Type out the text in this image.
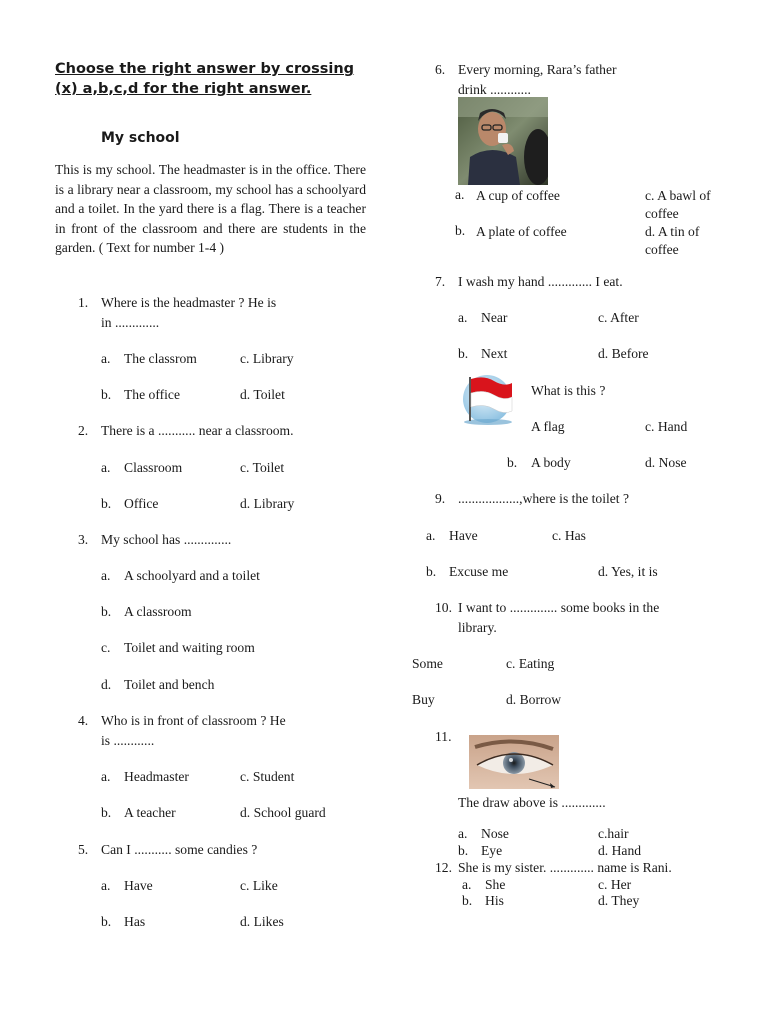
Choose the right answer by crossing (x) a,b,c,d for the right answer.
My school
This is my school. The headmaster is in the office. There is a library near a classroom, my school has a schoolyard and a toilet. In the yard there is a flag. There is a teacher in front of the classroom and there are students in the garden. ( Text for number 1-4 )
1. Where is the headmaster ? He is
in .............
a. The classrom	c. Library
b. The office	d. Toilet
2. There is a ........... near a classroom.
a. Classroom	c. Toilet
b. Office	d. Library
3. My school has ..............
a. A schoolyard and a toilet
b. A classroom
c. Toilet and waiting room
d. Toilet and bench
4. Who is in front of classroom ? He
is ............
a. Headmaster	c. Student
b. A teacher	d. School guard
5. Can I ........... some candies ?
a. Have	c. Like
b. Has	d. Likes
6. Every morning, Rara’s father
drink ............
a. A cup of coffee	c. A bawl of coffee
b. A plate of coffee	d. A tin of coffee
7. I wash my hand ............. I eat.
a. Near	c. After
b. Next	d. Before
What is this ?
A flag	c. Hand
b. A body	d. Nose
9. ..................,where is the toilet ?
a. Have	c. Has
b. Excuse me	d. Yes, it is
10. I want to .............. some books in the
library.
Some	c. Eating
Buy	d. Borrow
11.
The draw above is .............
a. Nose	c.hair
b. Eye	d. Hand
12. She is my sister. ............. name is Rani.
a. She	c. Her
b. His	d. They
